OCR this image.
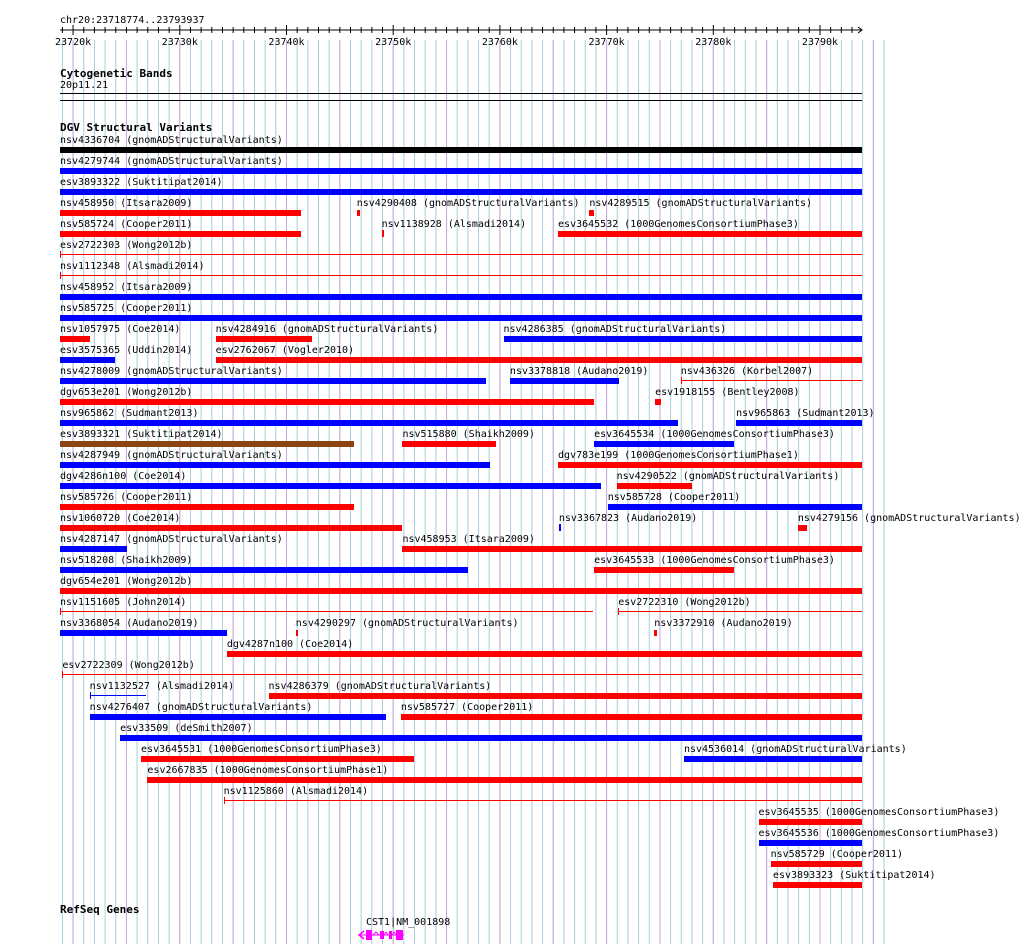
chr20:23718774..23793937
23720k	23730k	23740k	23750k	23760k	23770k	23780k	23790k
Cytogenetic Bands
20p11.21
DGV Structural Variants
nsv4336704 (gnomADStructuralVariants)
nsv4279744 (gnomADStructuralVariants)
esv3893322 (Suktitipat2014)
nsv458950 (Itsara2009)	nsv4290408 (gnomADStructuralVariants) nsv4289515 (gnomADStructuralVariants)
nsv585724 (Cooper2011)	nsv1138928 (Alsmadi2014)	esv3645532 (1000GenomesConsortiumPhase3)
esv2722303 (Wong2012b)
nsv1112348 (Alsmadi2014)
nsv458952 (Itsara2009)
nsv585725 (Cooper2011)
nsv1057975 (Coe2014)	nsv4284916 (gnomADStructuralVariants)	nsv4286385 (gnomADStructuralVariants)
esv3575365 (Uddin2014) esv2762067 (Vogler2010)
nsv4278009 (gnomADStructuralVariants)	nsv3378818 (Audano2019)
esv1918155 (Bentley2008)
nsv965862 (Sudmant2013)
nsv436326 (Korbel2007)
dgv653e201 (Wong2012b)
esv3645534 (1000GenomesConsortiumPhase3)
esv3893321 (Suktitipat2014)
dgv783e199 (1000GenomesConsortiumPhase1)
dgv4286n100 (Coe2014)
nsv585728 (Cooper2011)
nsv4287949 (gnomADStructuralVariants)
nsv3367823 (Audano2019)
nsv965863 (Sudmant2013)
nsv585726 (Cooper2011)
nsv458953 (Itsara2009)
nsv1060720 (Coe2014)
esv3645533 (1000GenomesConsortiumPhase3)
nsv518208 (Shaikh2009)
nsv4290522 (gnomADStructuralVariants)
dgv654e201 (Wong2012b)
nsv1151605 (John2014)	esv2722310 (Wong2012b)
nsv4287147 (gnomADStructuralVariants)
nsv4290297 (gnomADStructuralVariants)	nsv3372910 (Audano2019)
nsv4279156 (gnomADStructuralVariants)
nsv3368054 (Audano2019)
dgv4287n100 (Coe2014)
esv2722309 (Wong2012b)
nsv1132527 (Alsmadi2014)	nsv4286379 (gnomADStructuralVariants)
nsv4276407 (gnomADStructuralVariants)	nsv585727 (Cooper2011)
esv33509 (deSmith2007)
esv3645531 (1000GenomesConsortiumPhase3)	nsv4536014 (gnomADStructuralVariants)
esv2667835 (1000GenomesConsortiumPhase1)
nsv1125860 (Alsmadi2014)
nsv515880 (Shaikh2009)
esv3645535 (1000GenomesConsortiumPhase3)
esv3645536 (1000GenomesConsortiumPhase3)
nsv585729 (Cooper2011)
esv3893323 (Suktitipat2014)
RefSeq Genes
CST1|NM_001898
